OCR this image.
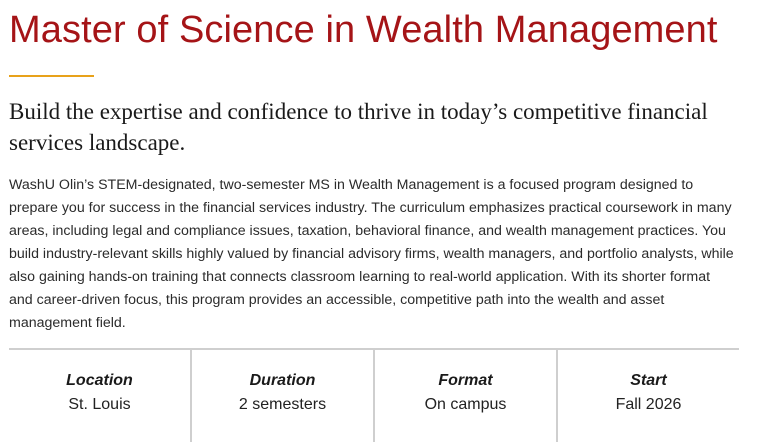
Master of Science in Wealth Management
Build the expertise and confidence to thrive in today’s competitive financial services landscape.

WashU Olin’s STEM-designated, two-semester MS in Wealth Management is a focused program designed to prepare you for success in the financial services industry. The curriculum emphasizes practical coursework in many areas, including legal and compliance issues, taxation, behavioral finance, and wealth management practices. You build industry-relevant skills highly valued by financial advisory firms, wealth managers, and portfolio analysts, while also gaining hands-on training that connects classroom learning to real-world application. With its shorter format and career-driven focus, this program provides an accessible, competitive path into the wealth and asset management field.

Location
St. Louis
Duration
2 semesters
Format
On campus
Start
Fall 2026
